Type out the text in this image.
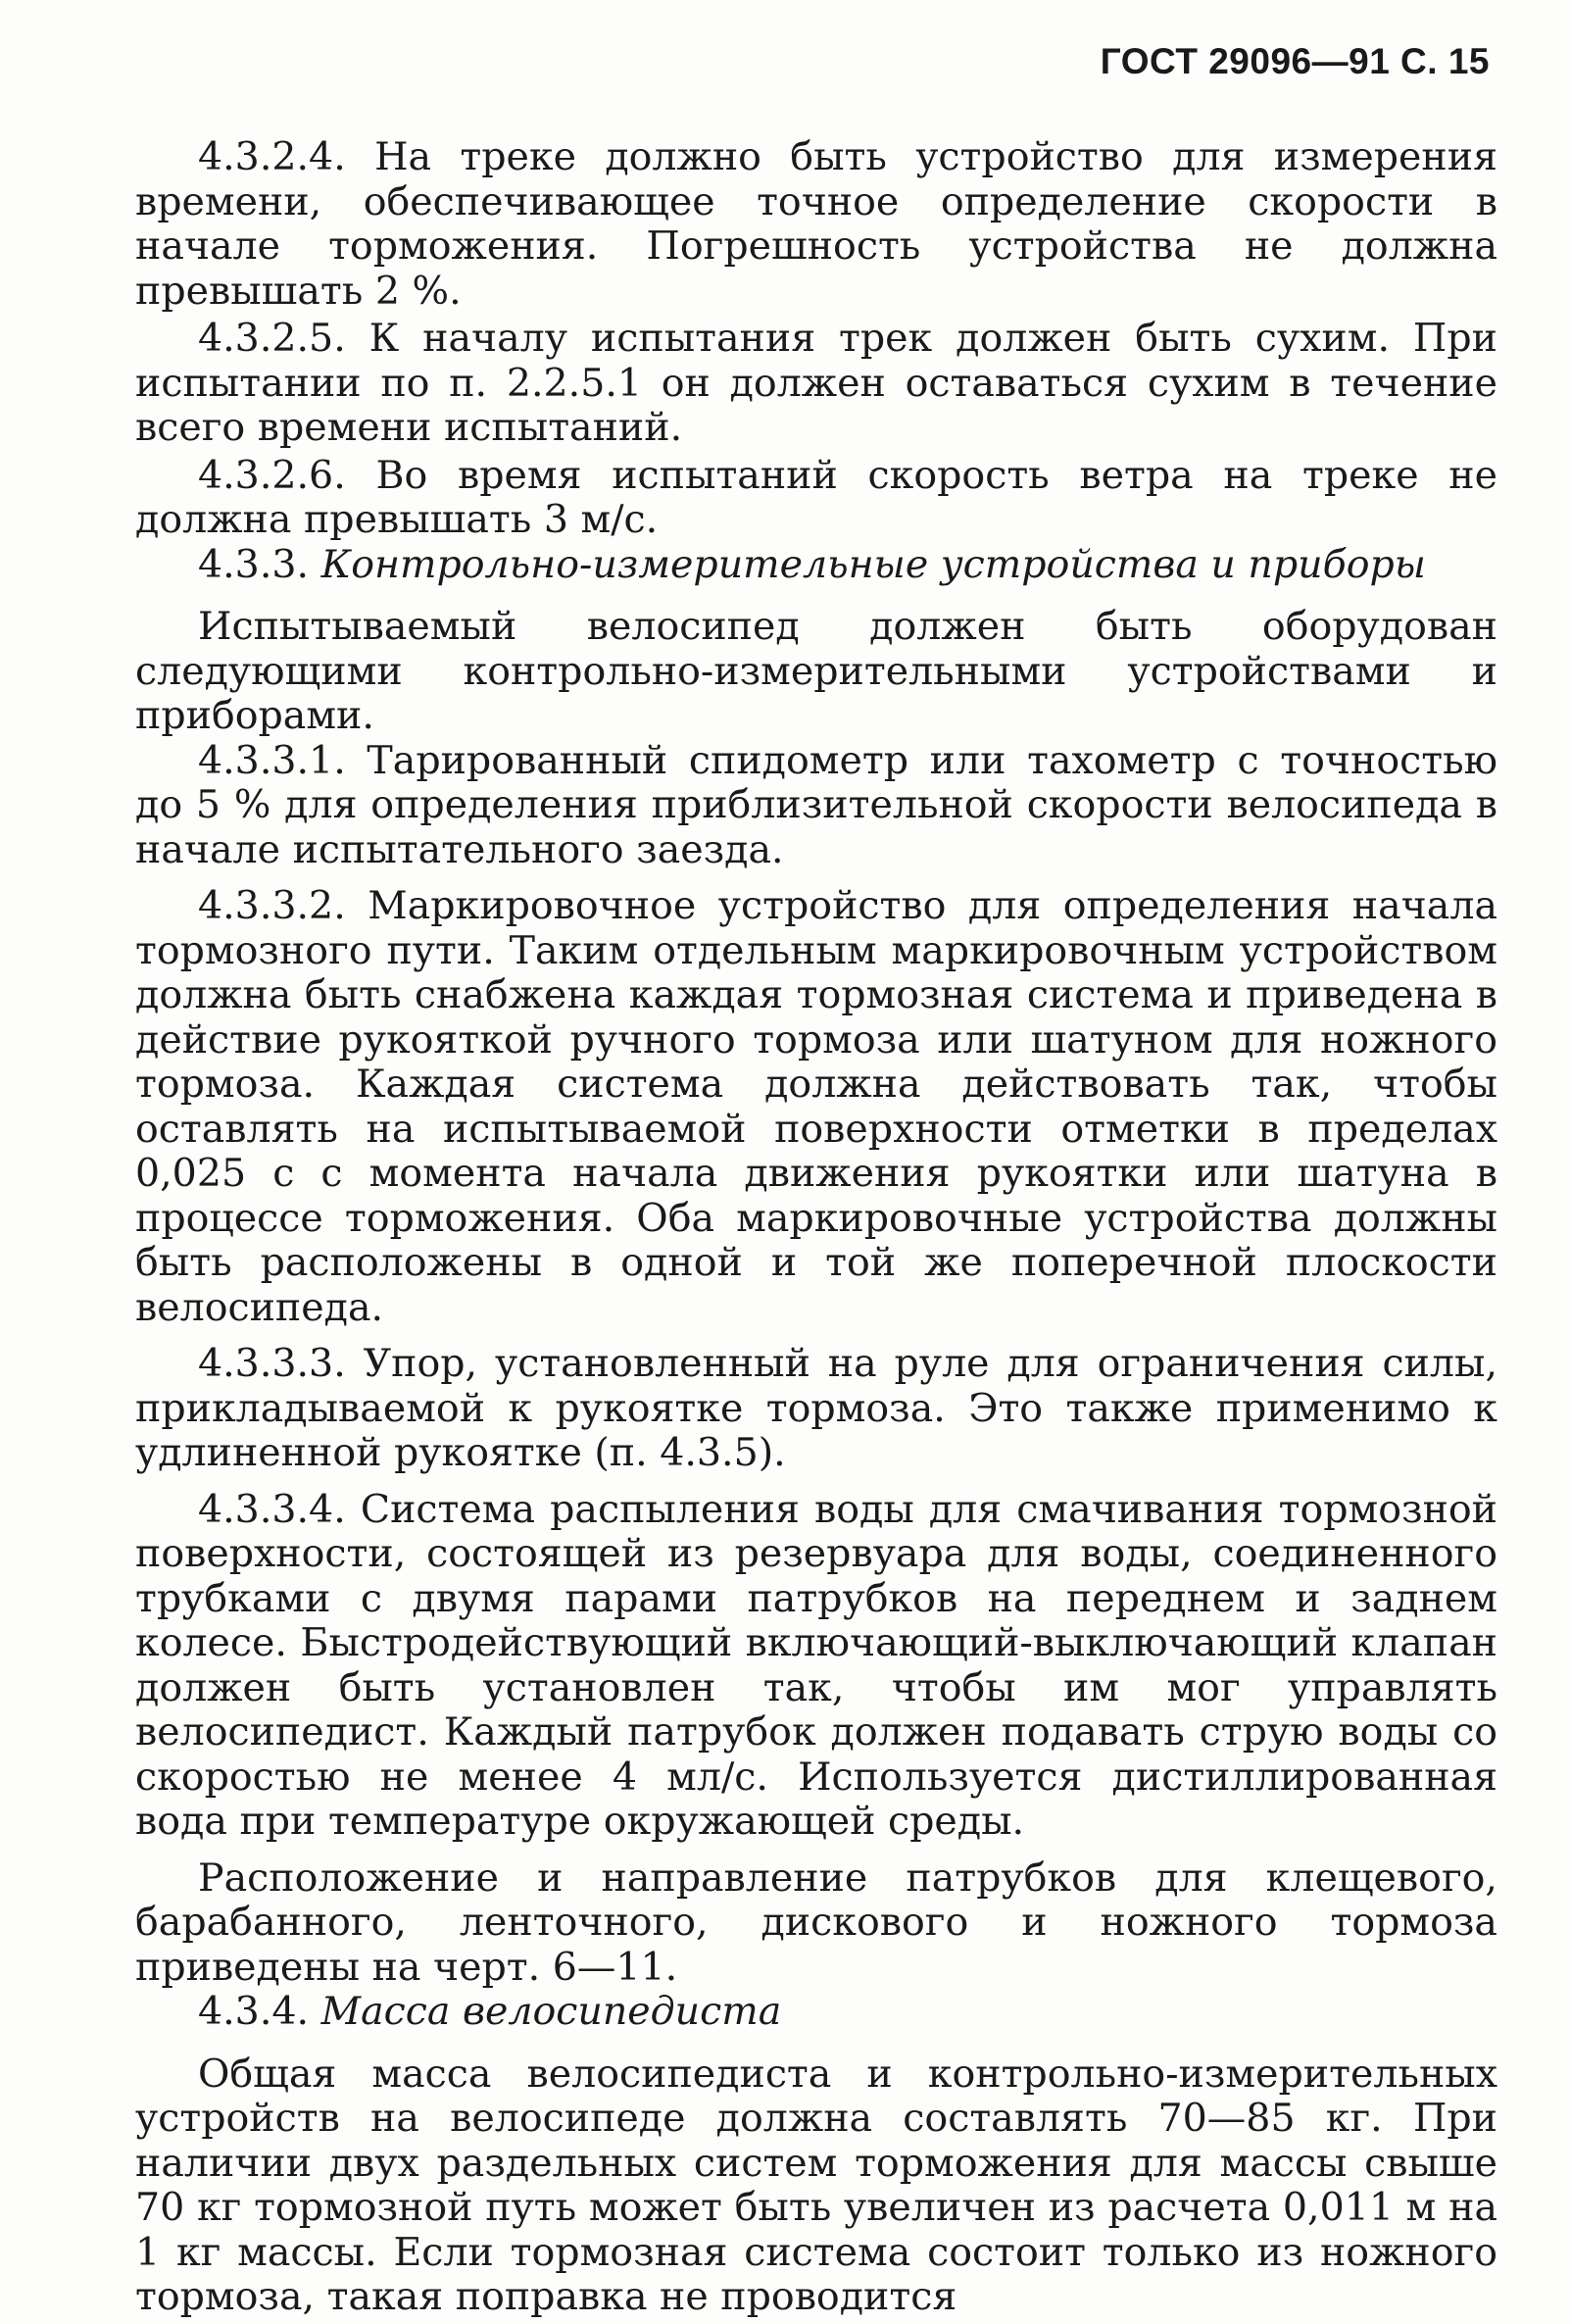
ГОСТ 29096—91 С. 15

4.3.2.4. На треке должно быть устройство для измерения времени, обеспечивающее точное определение скорости в начале торможения. Погрешность устройства не должна превышать 2 %.

4.3.2.5. К началу испытания трек должен быть сухим. При испытании по п. 2.2.5.1 он должен оставаться сухим в течение всего времени испытаний.

4.3.2.6. Во время испытаний скорость ветра на треке не должна превышать 3 м/с.

4.3.3. Контрольно-измерительные устройства и приборы

Испытываемый велосипед должен быть оборудован следующими контрольно-измерительными устройствами и приборами.

4.3.3.1. Тарированный спидометр или тахометр с точностью до 5 % для определения приблизительной скорости велосипеда в начале испытательного заезда.

4.3.3.2. Маркировочное устройство для определения начала тормозного пути. Таким отдельным маркировочным устройством должна быть снабжена каждая тормозная система и приведена в действие рукояткой ручного тормоза или шатуном для ножного тормоза. Каждая система должна действовать так, чтобы оставлять на испытываемой поверхности отметки в пределах 0,025 с с момента начала движения рукоятки или шатуна в процессе торможения. Оба маркировочные устройства должны быть расположены в одной и той же поперечной плоскости велосипеда.

4.3.3.3. Упор, установленный на руле для ограничения силы, прикладываемой к рукоятке тормоза. Это также применимо к удлиненной рукоятке (п. 4.3.5).

4.3.3.4. Система распыления воды для смачивания тормозной поверхности, состоящей из резервуара для воды, соединенного трубками с двумя парами патрубков на переднем и заднем колесе. Быстродействующий включающий-выключающий клапан должен быть установлен так, чтобы им мог управлять велосипедист. Каждый патрубок должен подавать струю воды со скоростью не менее 4 мл/с. Используется дистиллированная вода при температуре окружающей среды.

Расположение и направление патрубков для клещевого, барабанного, ленточного, дискового и ножного тормоза приведены на черт. 6—11.

4.3.4. Масса велосипедиста

Общая масса велосипедиста и контрольно-измерительных устройств на велосипеде должна составлять 70—85 кг. При наличии двух раздельных систем торможения для массы свыше 70 кг тормозной путь может быть увеличен из расчета 0,011 м на 1 кг массы. Если тормозная система состоит только из ножного тормоза, такая поправка не проводится
